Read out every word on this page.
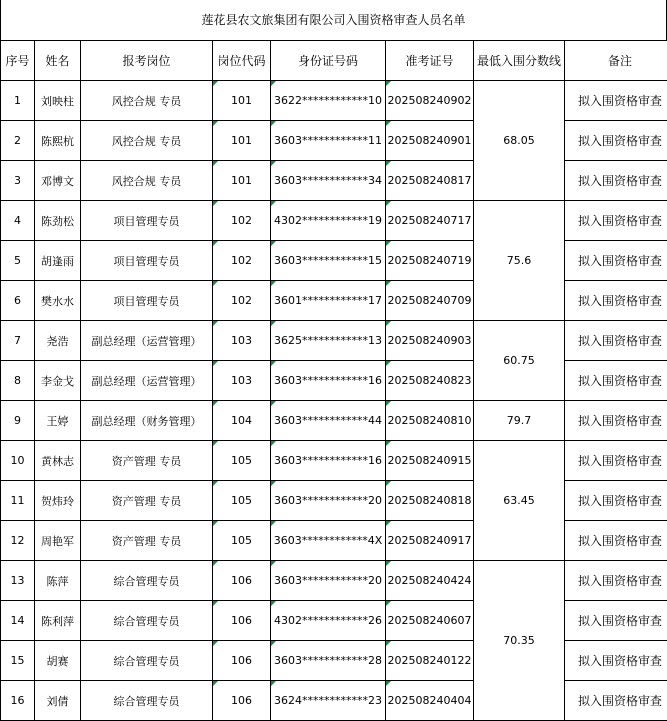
莲花县农文旅集团有限公司入围资格审查人员名单
序号	姓名	报考岗位	岗位代码	身份证号码	准考证号	最低入围分数线	备注
1	刘映柱	风控合规 专员	101	3622************10	202508240902	68.05	拟入围资格审查
2	陈熙杭	风控合规 专员	101	3603************11	202508240901		拟入围资格审查
3	邓博文	风控合规 专员	101	3603************34	202508240817		拟入围资格审查
4	陈劲松	项目管理专员	102	4302************19	202508240717	75.6	拟入围资格审查
5	胡逢雨	项目管理专员	102	3603************15	202508240719		拟入围资格审查
6	樊水水	项目管理专员	102	3601************17	202508240709		拟入围资格审查
7	尧浩	副总经理（运营管理）	103	3625************13	202508240903	60.75	拟入围资格审查
8	李金戈	副总经理（运营管理）	103	3603************16	202508240823		拟入围资格审查
9	王婷	副总经理（财务管理）	104	3603************44	202508240810	79.7	拟入围资格审查
10	黄林志	资产管理 专员	105	3603************16	202508240915	63.45	拟入围资格审查
11	贺炜玲	资产管理 专员	105	3603************20	202508240818		拟入围资格审查
12	周艳军	资产管理 专员	105	3603************4X	202508240917		拟入围资格审查
13	陈萍	综合管理专员	106	3603************20	202508240424	70.35	拟入围资格审查
14	陈利萍	综合管理专员	106	4302************26	202508240607		拟入围资格审查
15	胡赛	综合管理专员	106	3603************28	202508240122		拟入围资格审查
16	刘倩	综合管理专员	106	3624************23	202508240404		拟入围资格审查
